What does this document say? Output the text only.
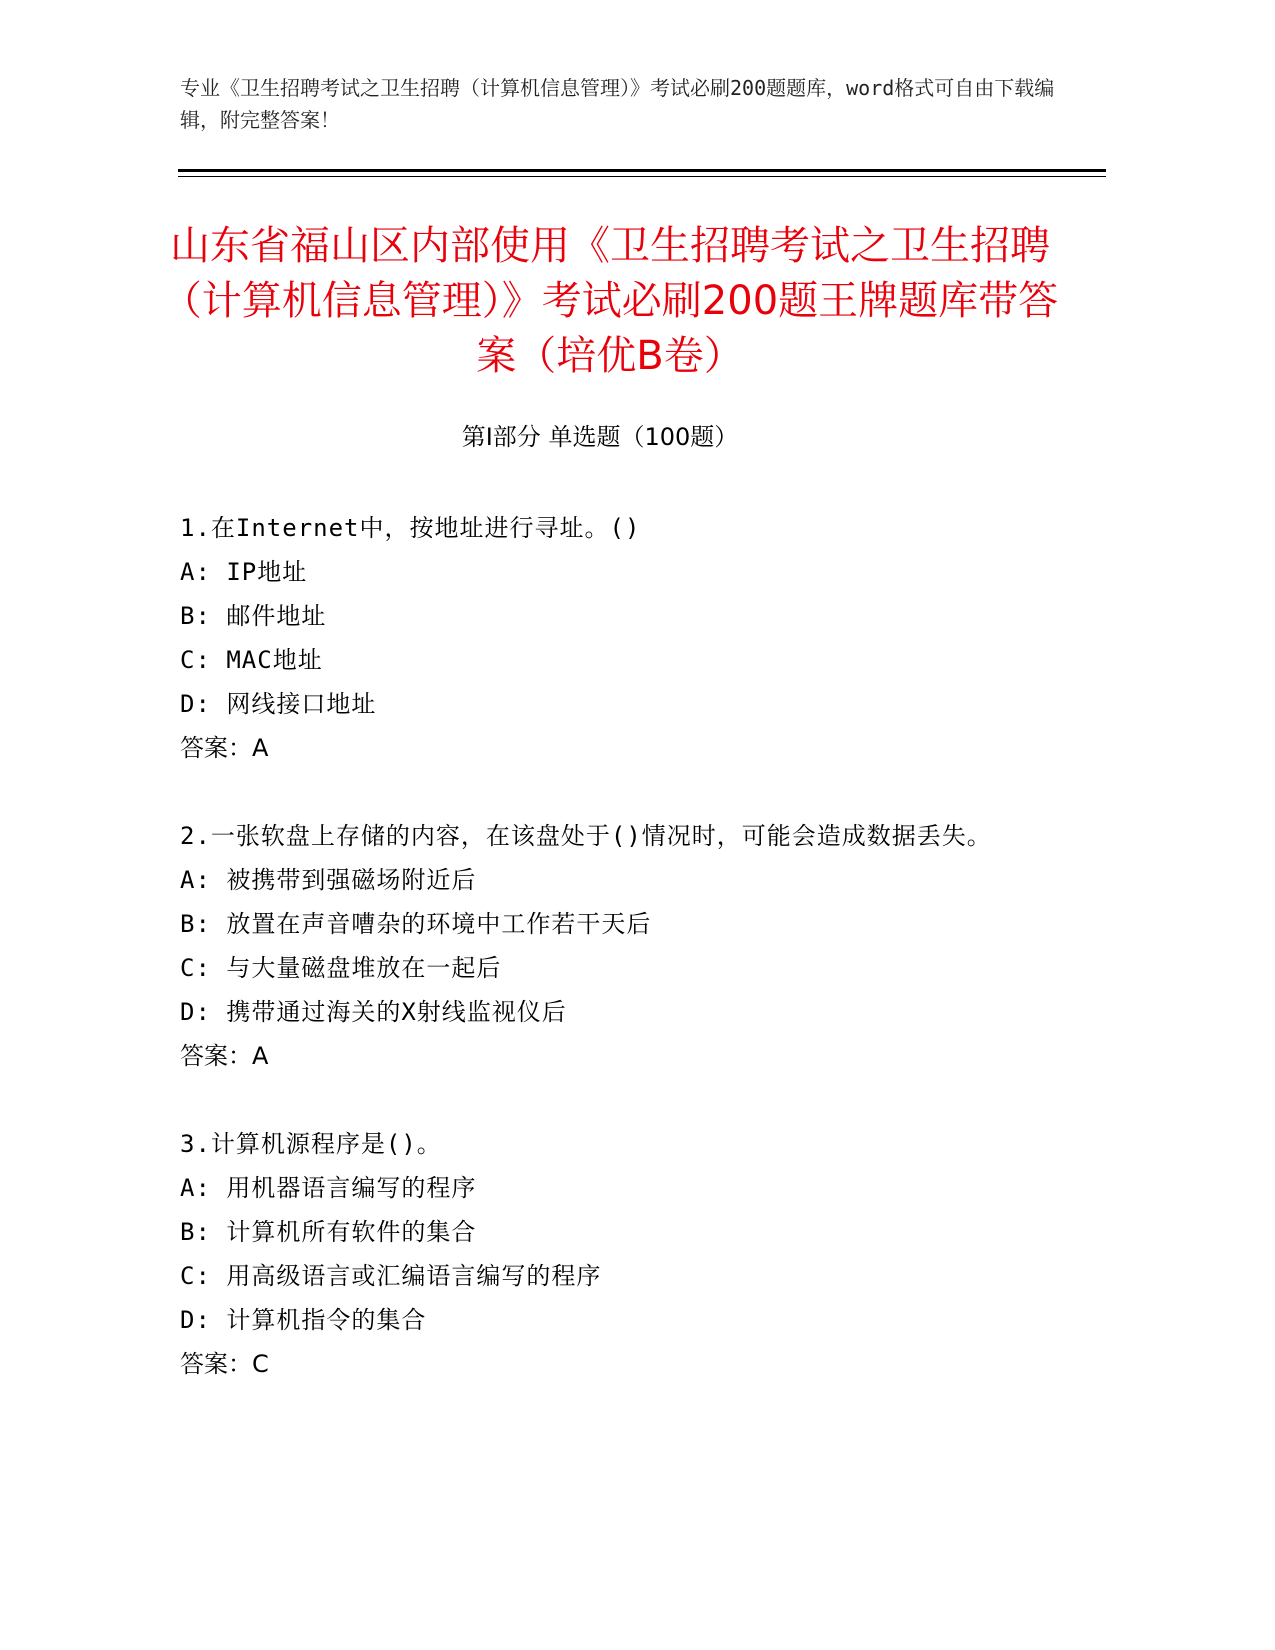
专业《卫生招聘考试之卫生招聘（计算机信息管理）》考试必刷200题题库，word格式可自由下载编辑，附完整答案！
山东省福山区内部使用《卫生招聘考试之卫生招聘（计算机信息管理）》考试必刷200题王牌题库带答案（培优B卷）
第Ⅰ部分 单选题（100题）
1.在Internet中，按地址进行寻址。()
A: IP地址
B: 邮件地址
C: MAC地址
D: 网线接口地址
答案：A
2.一张软盘上存储的内容，在该盘处于()情况时，可能会造成数据丢失。
A: 被携带到强磁场附近后
B: 放置在声音嘈杂的环境中工作若干天后
C: 与大量磁盘堆放在一起后
D: 携带通过海关的X射线监视仪后
答案：A
3.计算机源程序是()。
A: 用机器语言编写的程序
B: 计算机所有软件的集合
C: 用高级语言或汇编语言编写的程序
D: 计算机指令的集合
答案：C
